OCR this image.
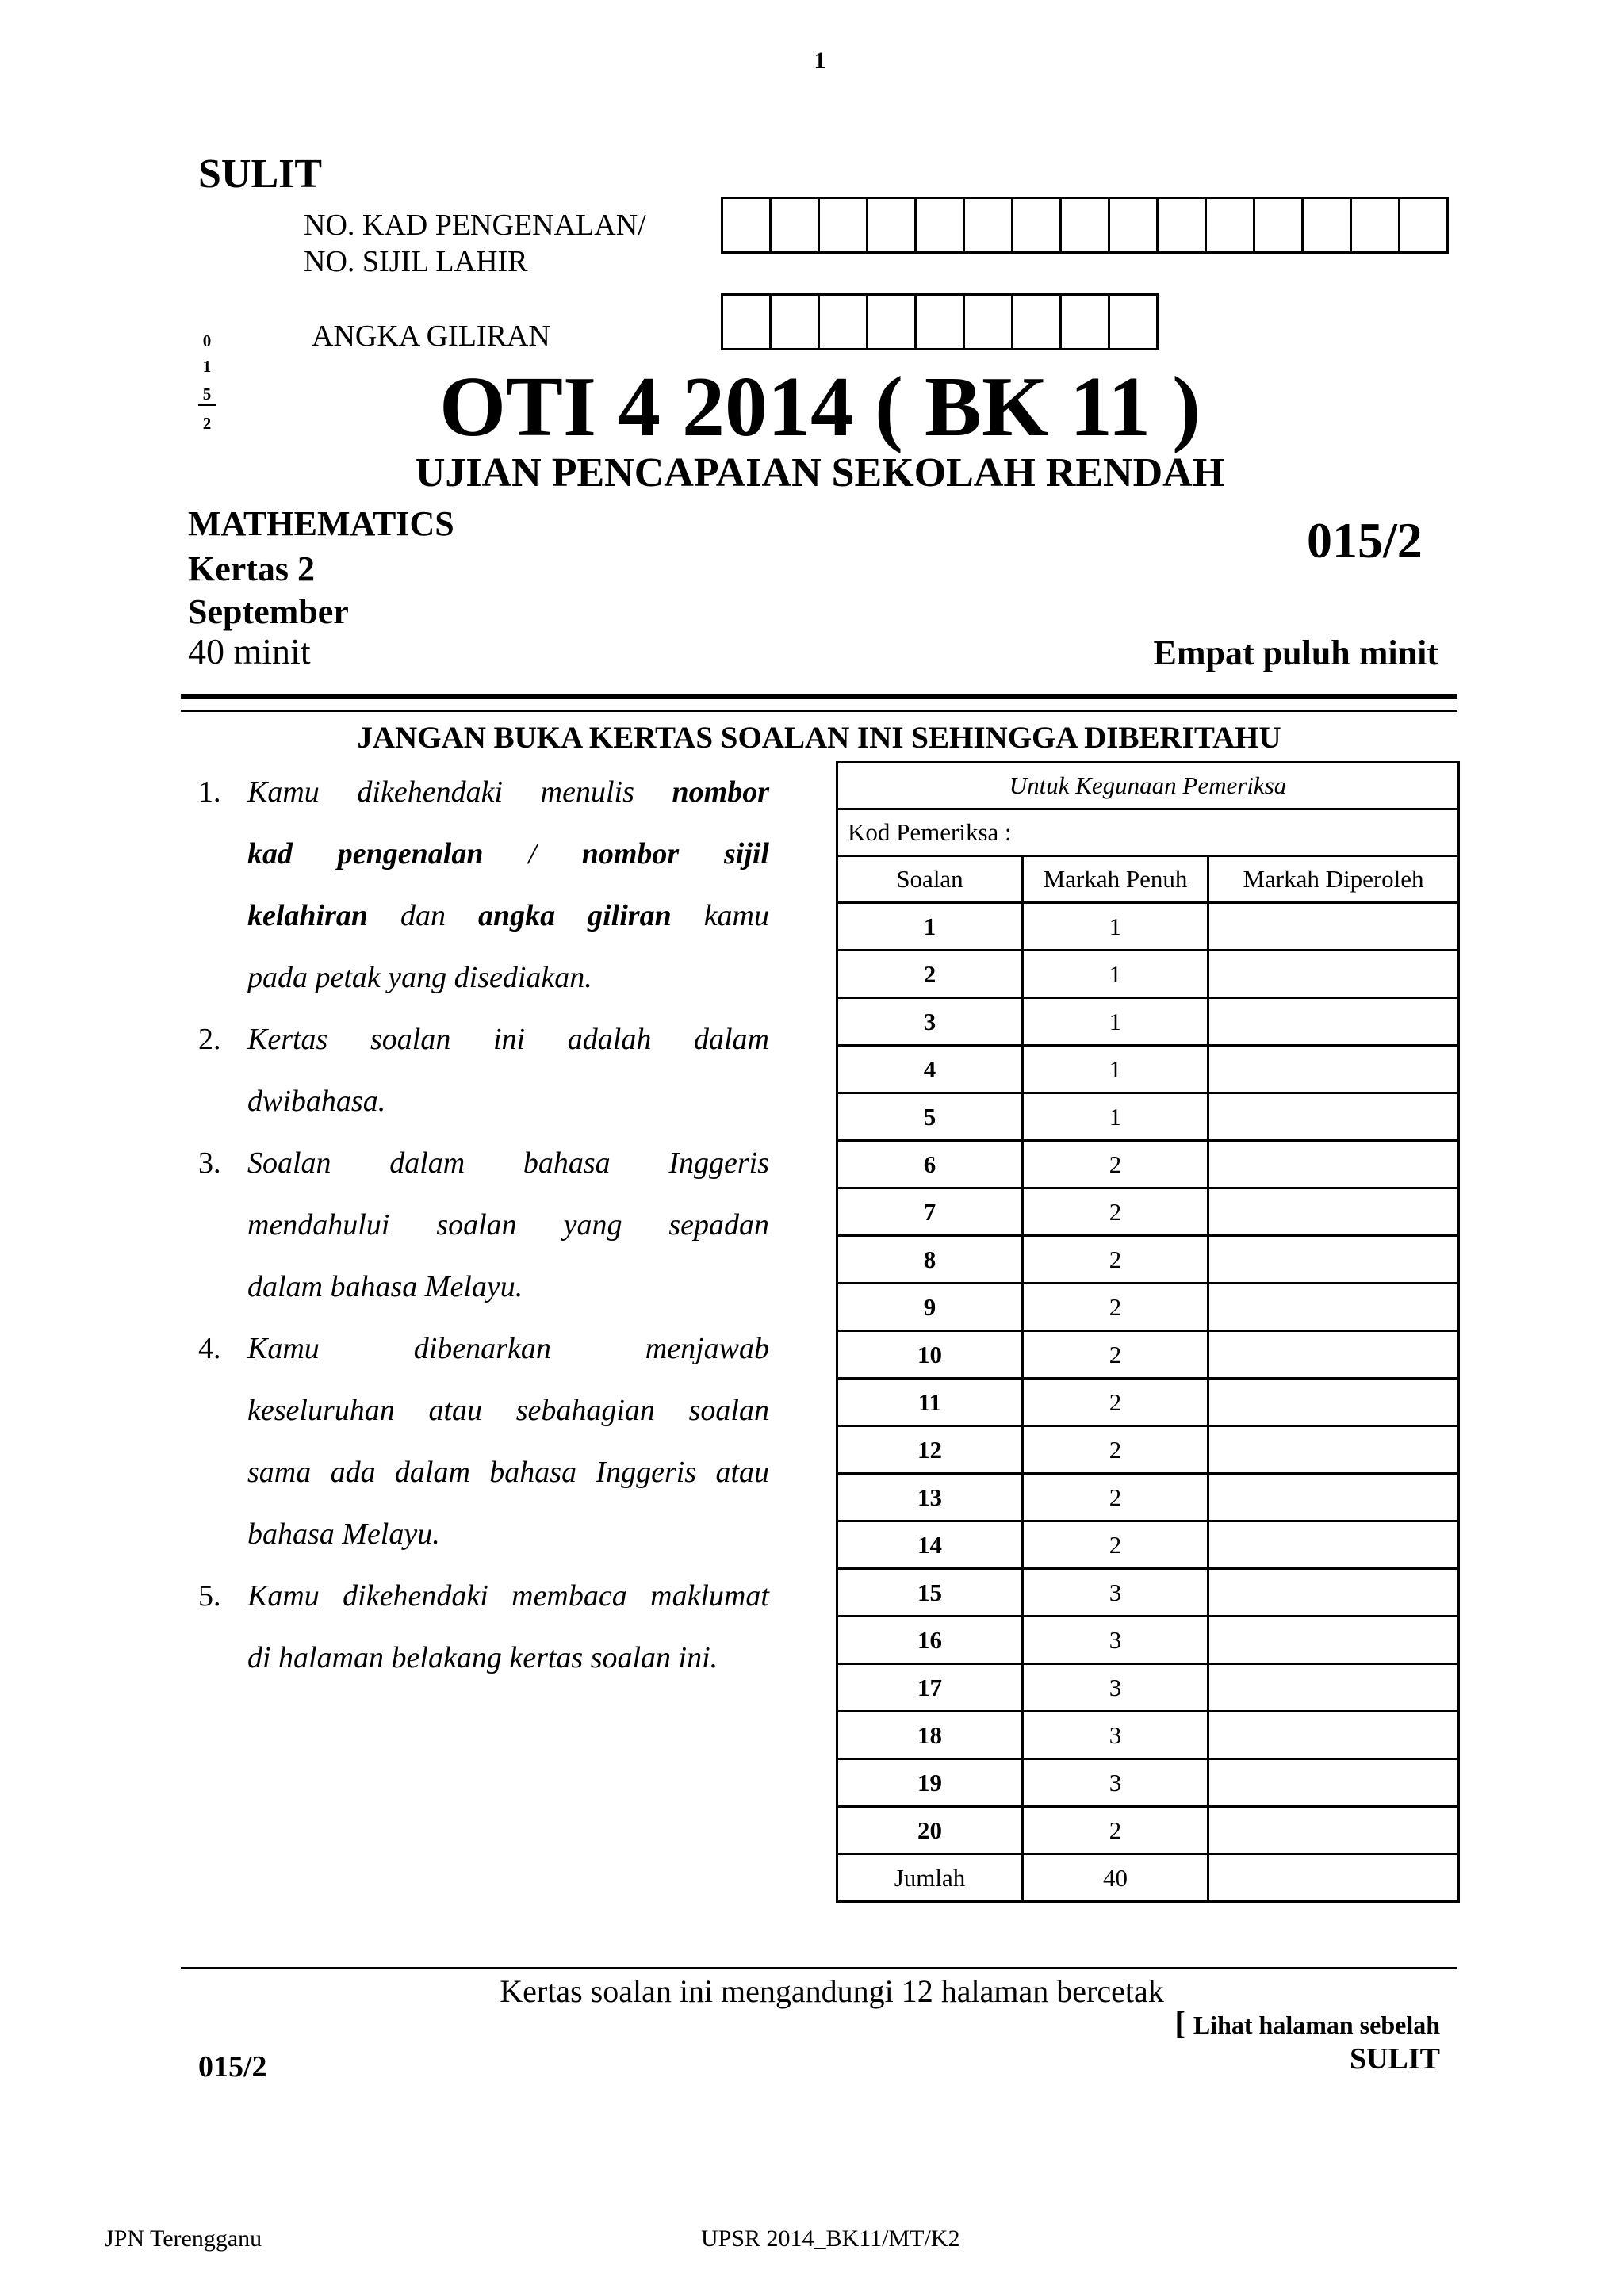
1
SULIT
NO. KAD PENGENALAN/
NO. SIJIL LAHIR
ANGKA GILIRAN
0
1
5
2	OTI 4 2014 ( BK 11 )
UJIAN PENCAPAIAN SEKOLAH RENDAH
MATHEMATICS
Kertas 2
September
015/2
40 minit	Empat puluh minit
JANGAN BUKA KERTAS SOALAN INI SEHINGGA DIBERITAHU
1. Kamu dikehendaki menulis nombor
kad pengenalan / nombor sijil
kelahiran dan angka giliran kamu
pada petak yang disediakan.
2. Kertas soalan ini adalah dalam
dwibahasa.
3. Soalan dalam bahasa Inggeris
mendahului soalan yang sepadan
dalam bahasa Melayu.
4. Kamu dibenarkan menjawab
keseluruhan atau sebahagian soalan
sama ada dalam bahasa Inggeris atau
bahasa Melayu.
5. Kamu dikehendaki membaca maklumat
di halaman belakang kertas soalan ini.
Untuk Kegunaan Pemeriksa		
Kod Pemeriksa :		
Soalan	Markah Penuh	Markah Diperoleh
1	1	
2	1	
3	1	
4	1	
5	1	
6	2	
7	2	
8	2	
9	2	
10	2	
11	2	
12	2	
13	2	
14	2	
15	3	
16	3	
17	3	
18	3	
19	3	
20	2	
Jumlah	40	
Kertas soalan ini mengandungi 12 halaman bercetak
[ Lihat halaman sebelah
SULIT
015/2
JPN Terengganu	UPSR 2014_BK11/MT/K2
